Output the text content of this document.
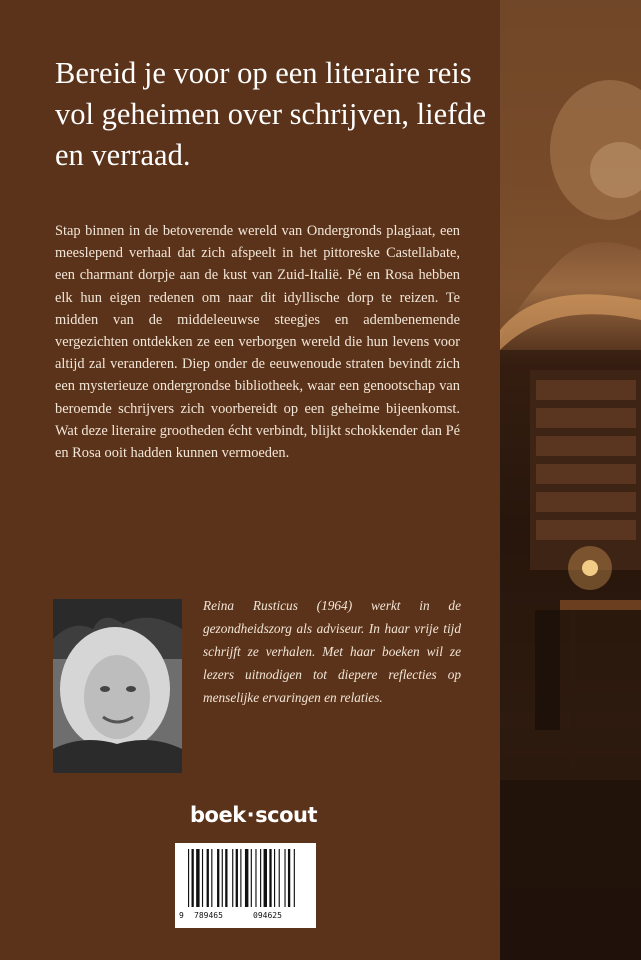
Bereid je voor op een literaire reis vol geheimen over schrijven, liefde en verraad.

Stap binnen in de betoverende wereld van Ondergronds plagiaat, een meeslepend verhaal dat zich afspeelt in het pittoreske Castellabate, een charmant dorpje aan de kust van Zuid-Italië. Pé en Rosa hebben elk hun eigen redenen om naar dit idyllische dorp te reizen. Te midden van de middeleeuwse steegjes en adembenemende vergezichten ontdekken ze een verborgen wereld die hun levens voor altijd zal veranderen. Diep onder de eeuwenoude straten bevindt zich een mysterieuze ondergrondse bibliotheek, waar een genootschap van beroemde schrijvers zich voorbereidt op een geheime bijeenkomst. Wat deze literaire grootheden écht verbindt, blijkt schokkender dan Pé en Rosa ooit hadden kunnen vermoeden.

Reina Rusticus (1964) werkt in de gezondheidszorg als adviseur. In haar vrije tijd schrijft ze verhalen. Met haar boeken wil ze lezers uitnodigen tot diepere reflecties op menselijke ervaringen en relaties.

boek·scout
9 789465	094625
